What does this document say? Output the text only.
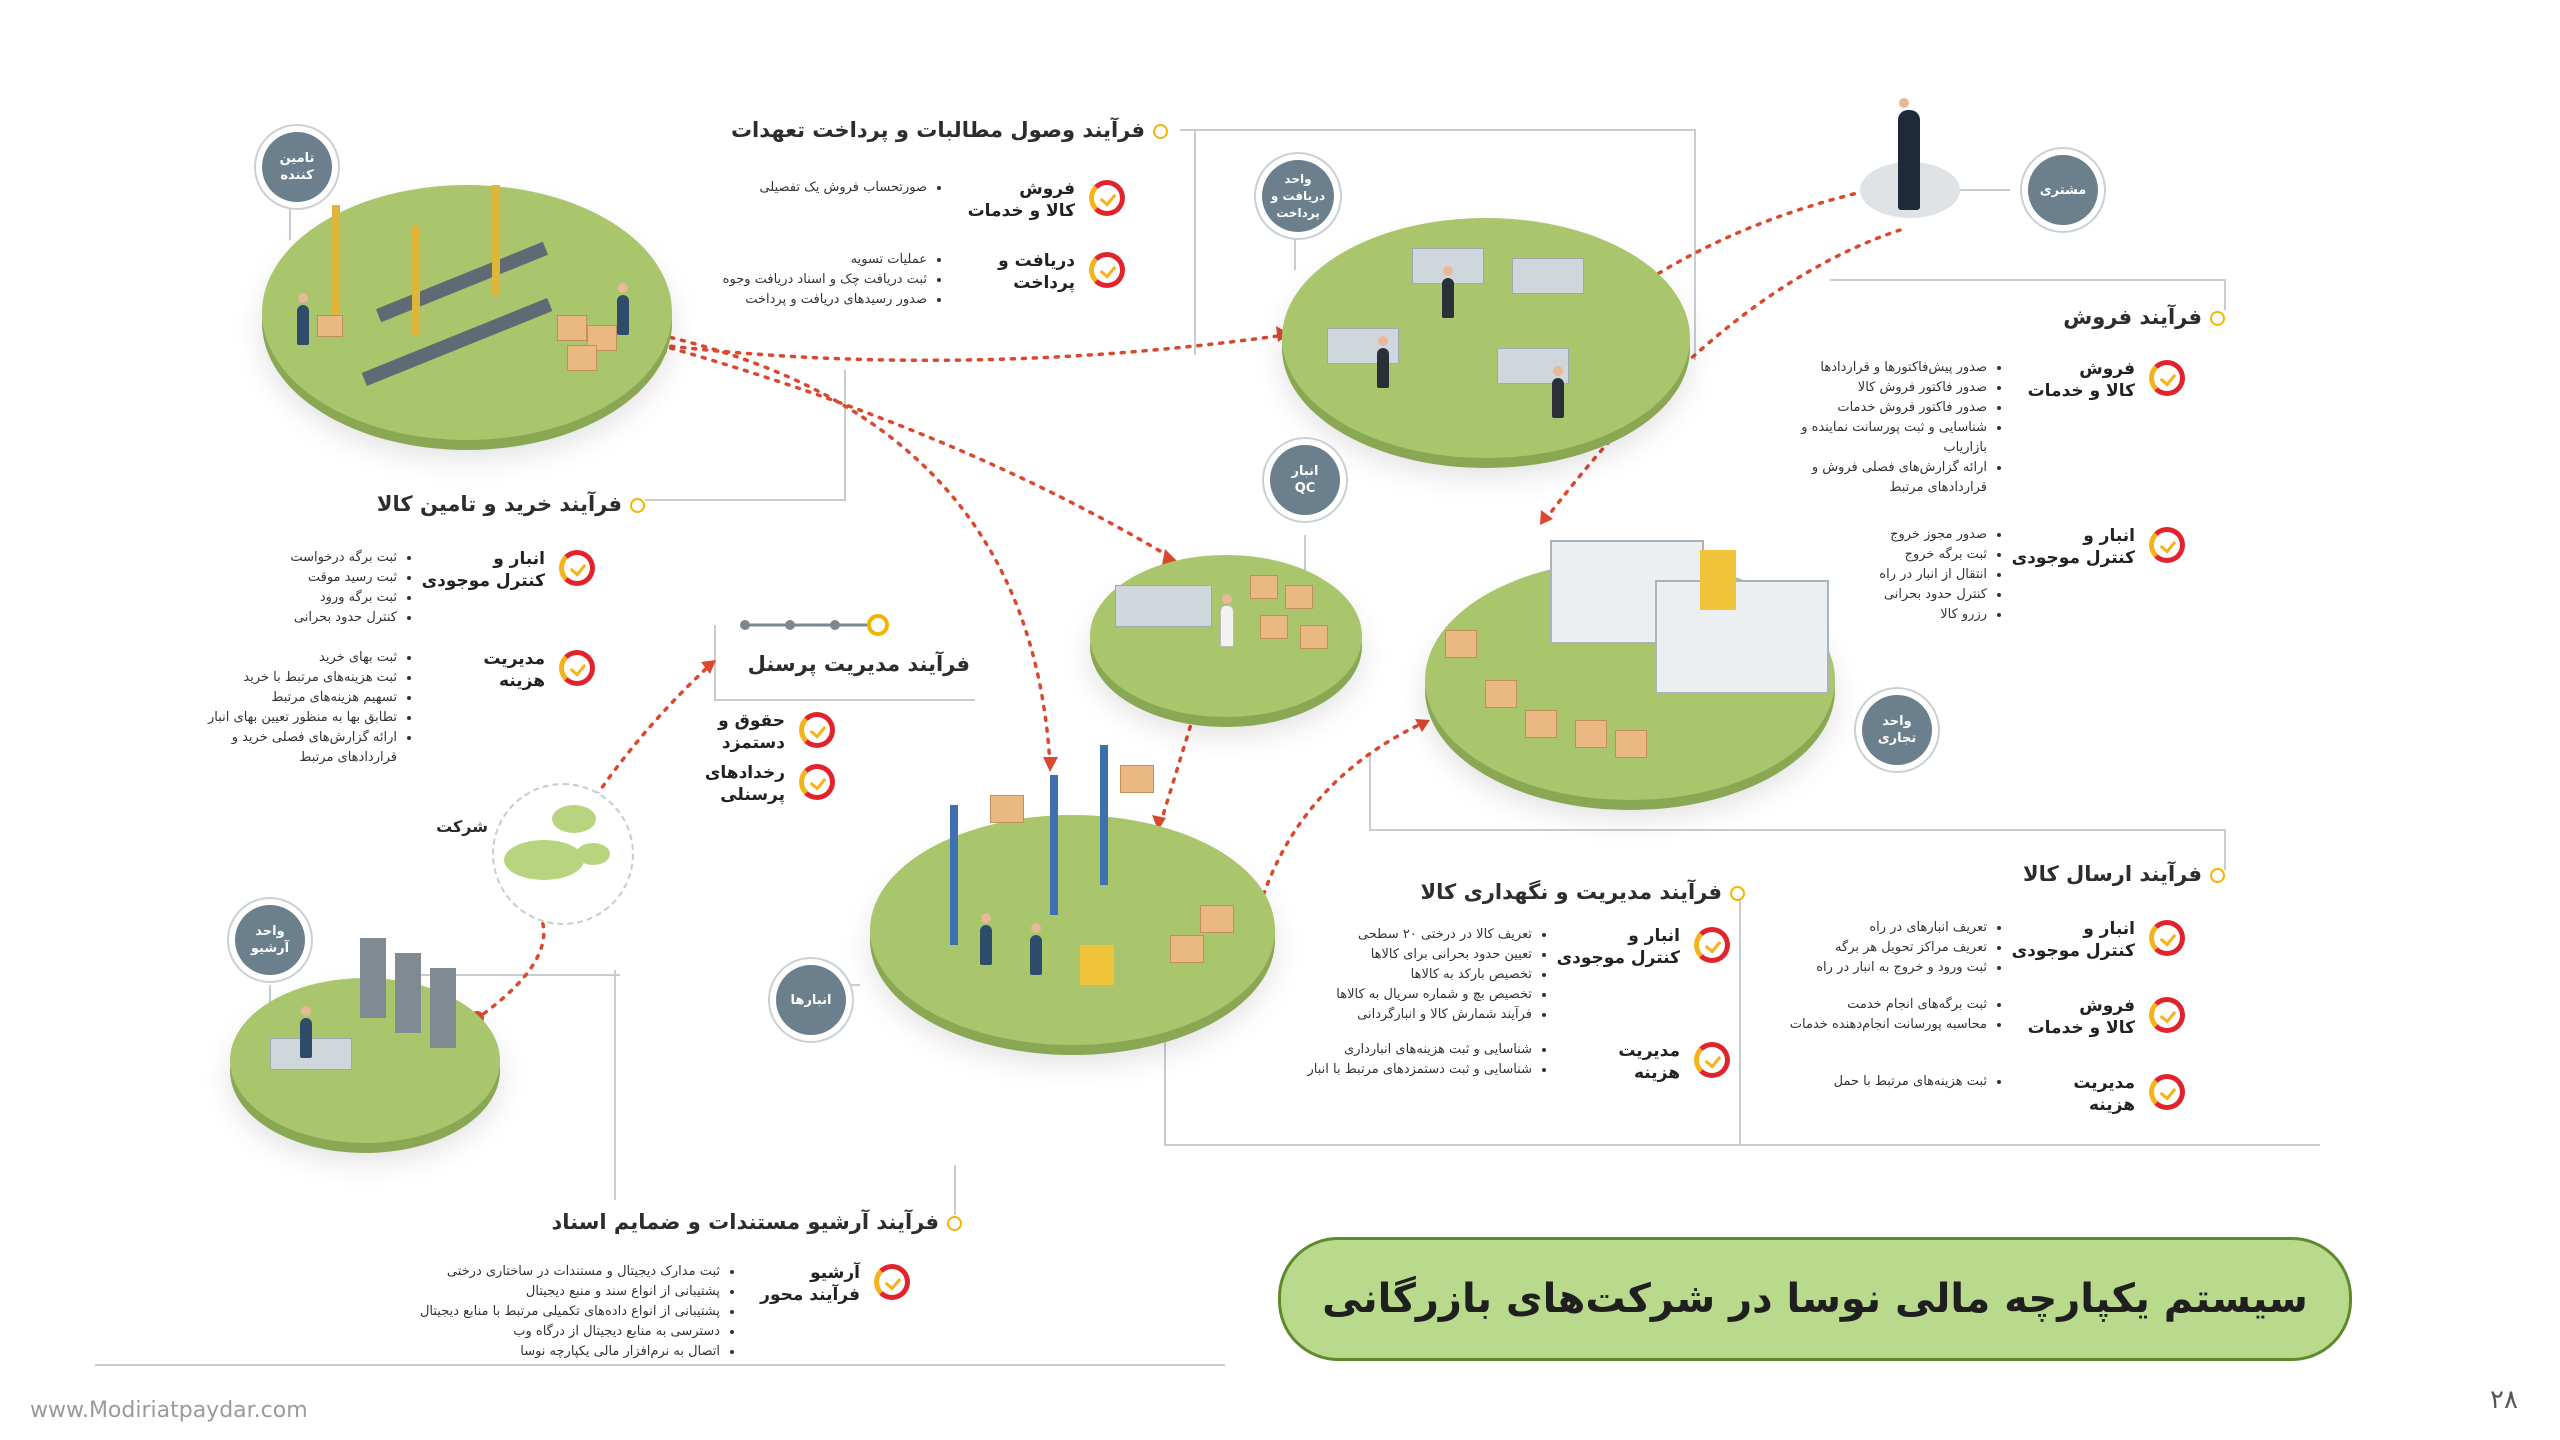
شرکت
تامین کننده
مشتری
واحد دریافت و پرداخت
انبار QC
واحد تجاری
انبارها
واحد آرشیو
فرآیند وصول مطالبات و پرداخت تعهدات
فروش
کالا و خدمات
• صورتحساب فروش یک تفصیلی
دریافت و
پرداخت
• عملیات تسویه
• ثبت دریافت چک و اسناد دریافت وجوه
• صدور رسیدهای دریافت و پرداخت
فرآیند فروش
فروش
کالا و خدمات
• صدور پیش‌فاکتورها و قراردادها
• صدور فاکتور فروش کالا
• صدور فاکتور فروش خدمات
• شناسایی و ثبت پورسانت نماینده و بازاریاب
• ارائه گزارش‌های فصلی فروش و قراردادهای مرتبط
انبار و
کنترل موجودی
• صدور مجوز خروج
• ثبت برگه خروج
• انتقال از انبار در راه
• کنترل حدود بحرانی
• رزرو کالا
فرآیند خرید و تامین کالا
انبار و
کنترل موجودی
• ثبت برگه درخواست
• ثبت رسید موقت
• ثبت برگه ورود
• کنترل حدود بحرانی
مدیریت
هزینه
• ثبت بهای خرید
• ثبت هزینه‌های مرتبط با خرید
• تسهیم هزینه‌های مرتبط
• تطابق بها به منظور تعیین بهای انبار
• ارائه گزارش‌های فصلی خرید و قراردادهای مرتبط
فرآیند مدیریت پرسنل
حقوق و
دستمزد
رخدادهای
پرسنلی
فرآیند مدیریت و نگهداری کالا
انبار و
کنترل موجودی
• تعریف کالا در درختی ۲۰ سطحی
• تعیین حدود بحرانی برای کالاها
• تخصیص بارکد به کالاها
• تخصیص بچ و شماره سریال به کالاها
• فرآیند شمارش کالا و انبارگردانی
مدیریت
هزینه
• شناسایی و ثبت هزینه‌های انبارداری
• شناسایی و ثبت دستمزدهای مرتبط با انبار
فرآیند ارسال کالا
انبار و
کنترل موجودی
• تعریف انبارهای در راه
• تعریف مراکز تحویل هر برگه
• ثبت ورود و خروج به انبار در راه
فروش
کالا و خدمات
• ثبت برگه‌های انجام خدمت
• محاسبه پورسانت انجام‌دهنده خدمات
مدیریت
هزینه
• ثبت هزینه‌های مرتبط با حمل
فرآیند آرشیو مستندات و ضمایم اسناد
آرشیو
فرآیند محور
• ثبت مدارک دیجیتال و مستندات در ساختاری درختی
• پشتیبانی از انواع سند و منبع دیجیتال
• پشتیبانی از انواع داده‌های تکمیلی مرتبط با منابع دیجیتال
• دسترسی به منابع دیجیتال از درگاه وب
• اتصال به نرم‌افزار مالی یکپارچه نوسا
سیستم یکپارچه مالی نوسا در شرکت‌های بازرگانی
www.Modiriatpaydar.com	۲۸
